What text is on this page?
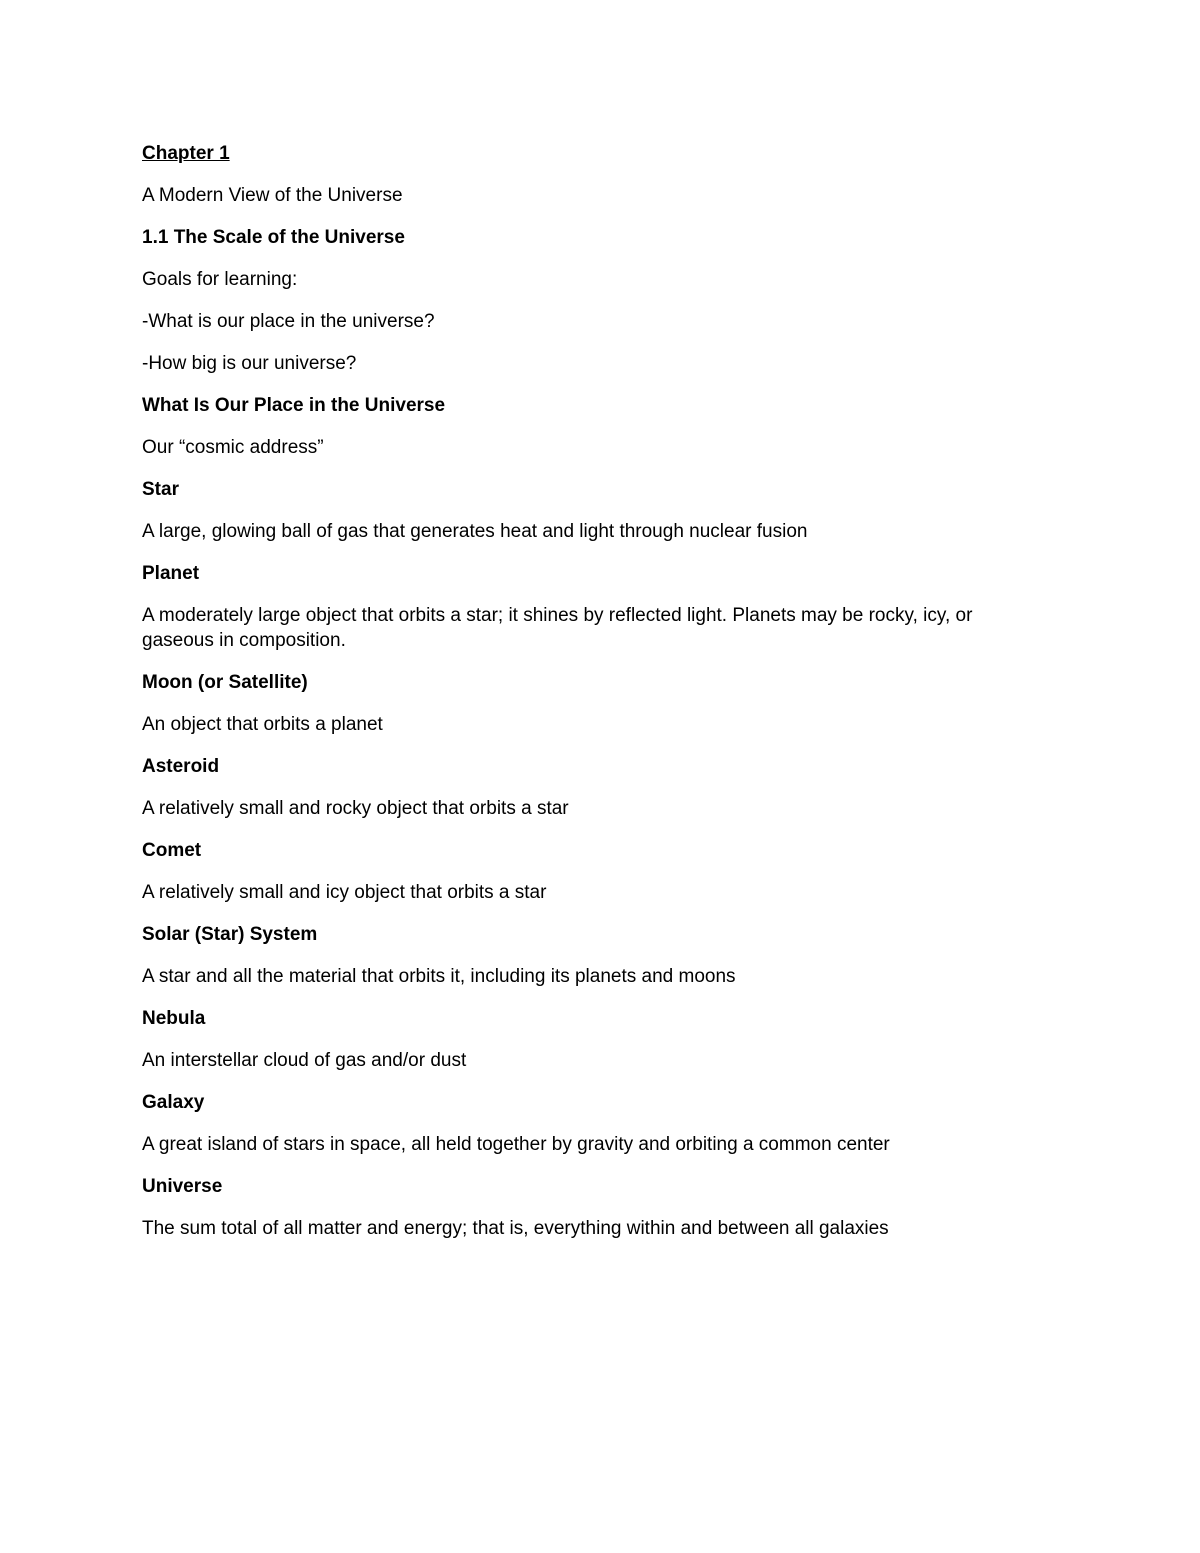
Chapter 1
A Modern View of the Universe
1.1 The Scale of the Universe
Goals for learning:
-What is our place in the universe?
-How big is our universe?
What Is Our Place in the Universe
Our “cosmic address”
Star
A large, glowing ball of gas that generates heat and light through nuclear fusion
Planet
A moderately large object that orbits a star; it shines by reflected light. Planets may be rocky, icy, or gaseous in composition.
Moon (or Satellite)
An object that orbits a planet
Asteroid
A relatively small and rocky object that orbits a star
Comet
A relatively small and icy object that orbits a star
Solar (Star) System
A star and all the material that orbits it, including its planets and moons
Nebula
An interstellar cloud of gas and/or dust
Galaxy
A great island of stars in space, all held together by gravity and orbiting a common center
Universe
The sum total of all matter and energy; that is, everything within and between all galaxies
